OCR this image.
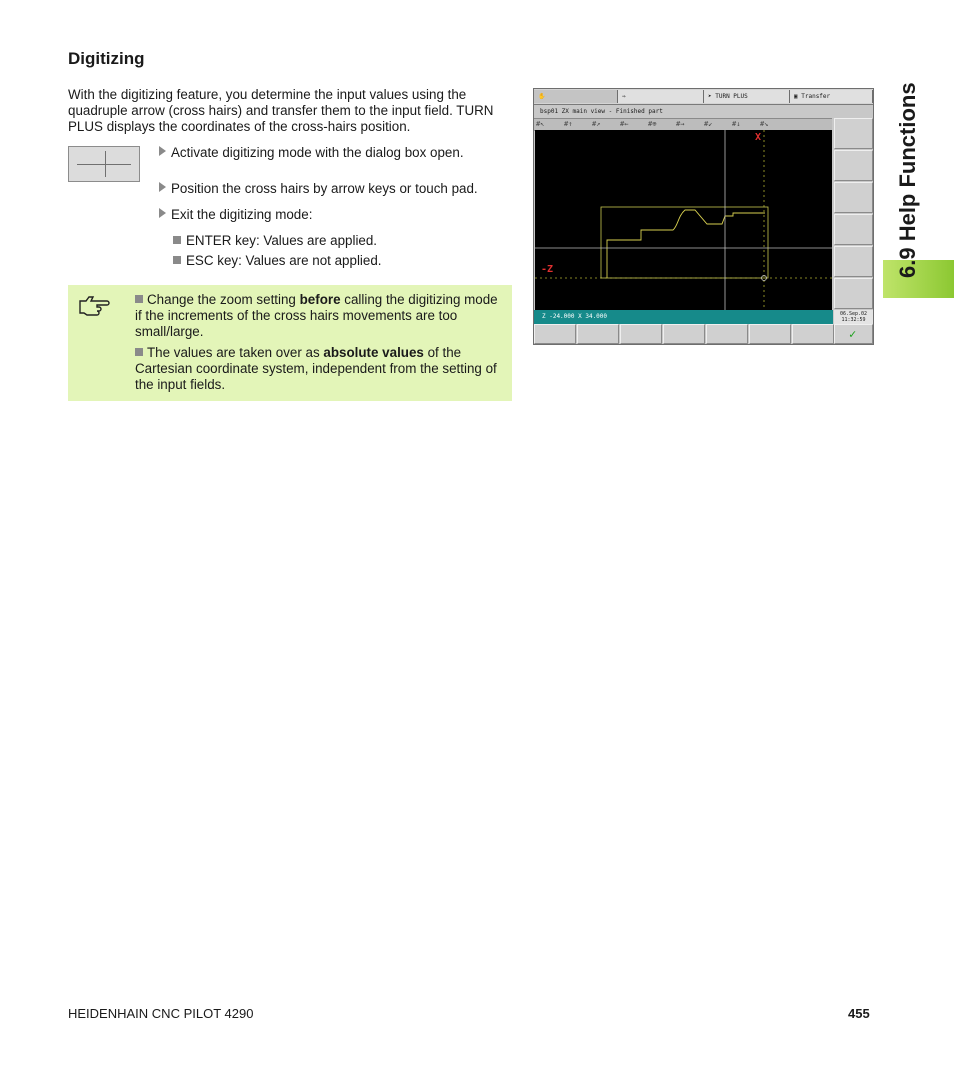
Digitizing

With the digitizing feature, you determine the input values using the quadruple arrow (cross hairs) and transfer them to the input field. TURN PLUS displays the coordinates of the cross-hairs position.

Activate digitizing mode with the dialog box open.
Position the cross hairs by arrow keys or touch pad.
Exit the digitizing mode:
ENTER key: Values are applied.
ESC key: Values are not applied.
Change the zoom setting before calling the digitizing mode if the increments of the cross hairs movements are too small/large.
The values are taken over as absolute values of the Cartesian coordinate system, independent from the setting of the input fields.
✋	⇒	➤ TURN PLUS	▣ Transfer
bsp01 ZX main view - Finished part
#↖	#↑	#↗	#←	#⊕	#→	#↙	#↓	#↘
X
-Z
Z -24.000 X 34.000	06.Sep.02
11:32:59
✓
6.9 Help Functions
HEIDENHAIN CNC PILOT 4290	455
